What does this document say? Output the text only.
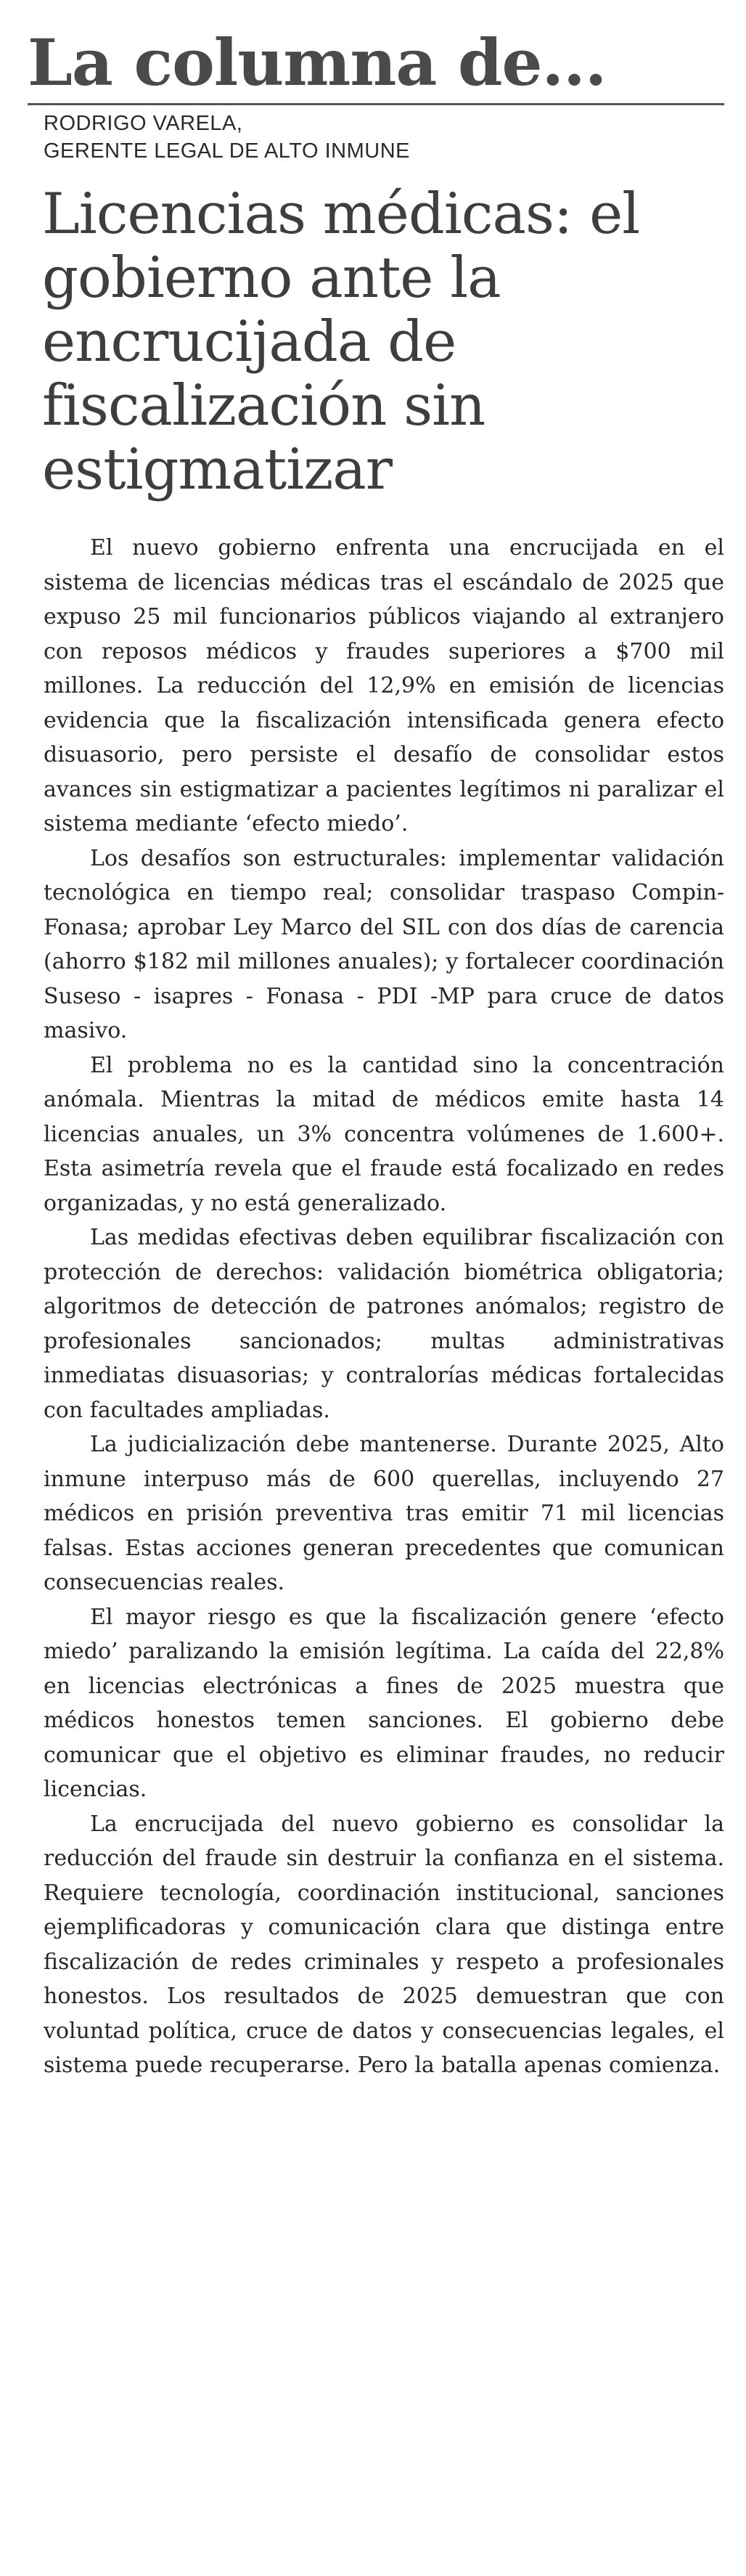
La columna de...
RODRIGO VARELA,
GERENTE LEGAL DE ALTO INMUNE
Licencias médicas: el gobierno ante la encrucijada de fiscalización sin estigmatizar

El nuevo gobierno enfrenta una encrucijada en el sistema de licencias médicas tras el escándalo de 2025 que expuso 25 mil funcionarios públicos viajando al extranjero con reposos médicos y fraudes superiores a $700 mil millones. La reducción del 12,9% en emisión de licencias evidencia que la fiscalización intensificada genera efecto disuasorio, pero persiste el desafío de consolidar estos avances sin estigmatizar a pacientes legítimos ni paralizar el sistema mediante ‘efecto miedo’.

Los desafíos son estructurales: implementar validación tecnológica en tiempo real; consolidar traspaso Compin-Fonasa; aprobar Ley Marco del SIL con dos días de carencia (ahorro $182 mil millones anuales); y fortalecer coordinación Suseso - isapres - Fonasa - PDI -MP para cruce de datos masivo.

El problema no es la cantidad sino la concentración anómala. Mientras la mitad de médicos emite hasta 14 licencias anuales, un 3% concentra volúmenes de 1.600+. Esta asimetría revela que el fraude está focalizado en redes organizadas, y no está generalizado.

Las medidas efectivas deben equilibrar fiscalización con protección de derechos: validación biométrica obligatoria; algoritmos de detección de patrones anómalos; registro de profesionales sancionados; multas administrativas inmediatas disuasorias; y contralorías médicas fortalecidas con facultades ampliadas.

La judicialización debe mantenerse. Durante 2025, Alto inmune interpuso más de 600 querellas, incluyendo 27 médicos en prisión preventiva tras emitir 71 mil licencias falsas. Estas acciones generan precedentes que comunican consecuencias reales.

El mayor riesgo es que la fiscalización genere ‘efecto miedo’ paralizando la emisión legítima. La caída del 22,8% en licencias electrónicas a fines de 2025 muestra que médicos honestos temen sanciones. El gobierno debe comunicar que el objetivo es eliminar fraudes, no reducir licencias.

La encrucijada del nuevo gobierno es consolidar la reducción del fraude sin destruir la confianza en el sistema. Requiere tecnología, coordinación institucional, sanciones ejemplificadoras y comunicación clara que distinga entre fiscalización de redes criminales y respeto a profesionales honestos. Los resultados de 2025 demuestran que con voluntad política, cruce de datos y consecuencias legales, el sistema puede recuperarse. Pero la batalla apenas comienza.
